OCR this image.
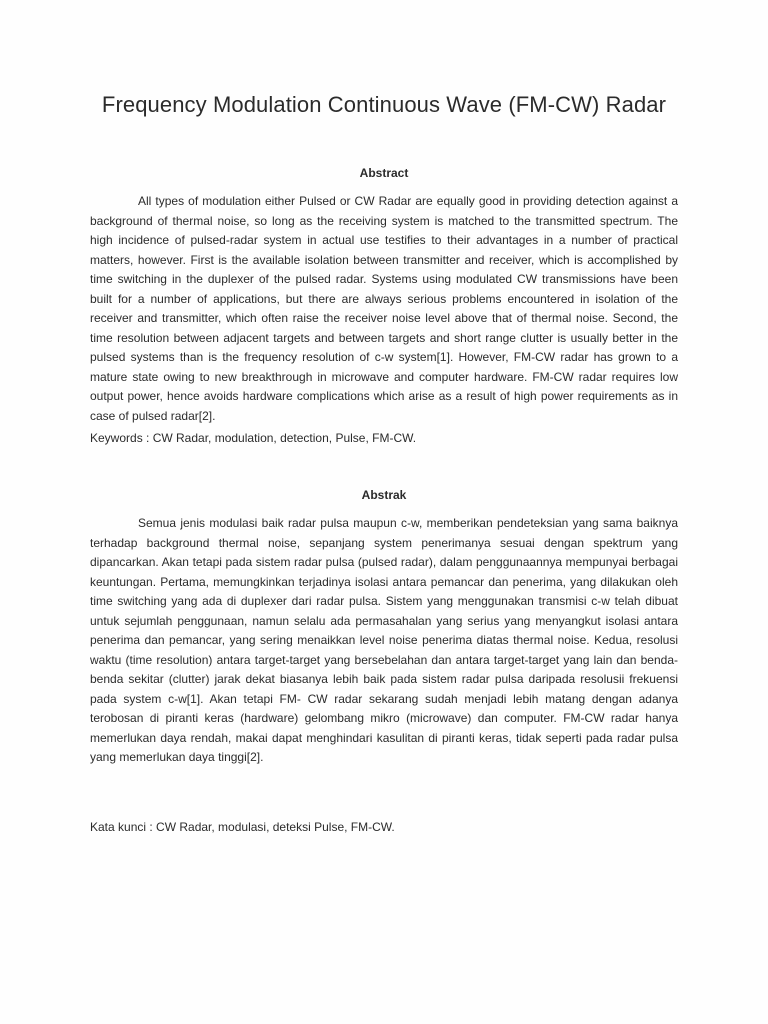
Frequency Modulation Continuous Wave (FM-CW) Radar
Abstract

All types of modulation either Pulsed or CW Radar are equally good in providing detection against a background of thermal noise, so long as the receiving system is matched to the transmitted spectrum. The high incidence of pulsed-radar system in actual use testifies to their advantages in a number of practical matters, however. First is the available isolation between transmitter and receiver, which is accomplished by time switching in the duplexer of the pulsed radar. Systems using modulated CW transmissions have been built for a number of applications, but there are always serious problems encountered in isolation of the receiver and transmitter, which often raise the receiver noise level above that of thermal noise. Second, the time resolution between adjacent targets and between targets and short range clutter is usually better in the pulsed systems than is the frequency resolution of c-w system[1]. However, FM-CW radar has grown to a mature state owing to new breakthrough in microwave and computer hardware. FM-CW radar requires low output power, hence avoids hardware complications which arise as a result of high power requirements as in case of pulsed radar[2].

Keywords : CW Radar, modulation, detection, Pulse, FM-CW.

Abstrak

Semua jenis modulasi baik radar pulsa maupun c-w, memberikan pendeteksian yang sama baiknya terhadap background thermal noise, sepanjang system penerimanya sesuai dengan spektrum yang dipancarkan. Akan tetapi pada sistem radar pulsa (pulsed radar), dalam penggunaannya mempunyai berbagai keuntungan. Pertama, memungkinkan terjadinya isolasi antara pemancar dan penerima, yang dilakukan oleh time switching yang ada di duplexer dari radar pulsa. Sistem yang menggunakan transmisi c-w telah dibuat untuk sejumlah penggunaan, namun selalu ada permasahalan yang serius yang menyangkut isolasi antara penerima dan pemancar, yang sering menaikkan level noise penerima diatas thermal noise. Kedua, resolusi waktu (time resolution) antara target-target yang bersebelahan dan antara target-target yang lain dan benda-benda sekitar (clutter) jarak dekat biasanya lebih baik pada sistem radar pulsa daripada resolusii frekuensi pada system c-w[1]. Akan tetapi FM- CW radar sekarang sudah menjadi lebih matang dengan adanya terobosan di piranti keras (hardware) gelombang mikro (microwave) dan computer. FM-CW radar hanya memerlukan daya rendah, makai dapat menghindari kasulitan di piranti keras, tidak seperti pada radar pulsa yang memerlukan daya tinggi[2].

Kata kunci : CW Radar, modulasi, deteksi Pulse, FM-CW.
